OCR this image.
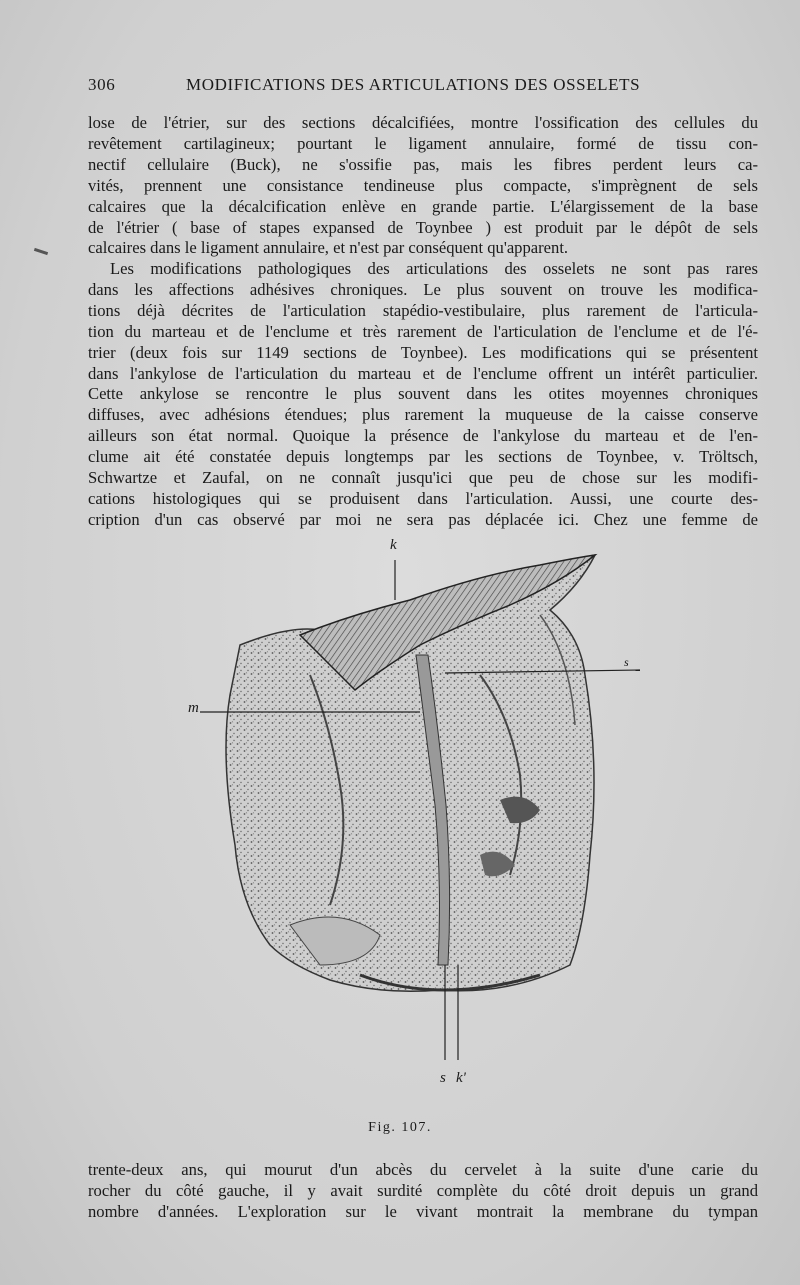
306	MODIFICATIONS DES ARTICULATIONS DES OSSELETS
lose de l'étrier, sur des sections décalcifiées, montre l'ossification des cellules du
revêtement cartilagineux; pourtant le ligament annulaire, formé de tissu con-
nectif cellulaire (Buck), ne s'ossifie pas, mais les fibres perdent leurs ca-
vités, prennent une consistance tendineuse plus compacte, s'imprègnent de sels
calcaires que la décalcification enlève en grande partie. L'élargissement de la base
de l'étrier ( base of stapes expansed de Toynbee ) est produit par le dépôt de sels
calcaires dans le ligament annulaire, et n'est par conséquent qu'apparent.
Les modifications pathologiques des articulations des osselets ne sont pas rares
dans les affections adhésives chroniques. Le plus souvent on trouve les modifica-
tions déjà décrites de l'articulation stapédio-vestibulaire, plus rarement de l'articula-
tion du marteau et de l'enclume et très rarement de l'articulation de l'enclume et de l'é-
trier (deux fois sur 1149 sections de Toynbee). Les modifications qui se présentent
dans l'ankylose de l'articulation du marteau et de l'enclume offrent un intérêt particulier.
Cette ankylose se rencontre le plus souvent dans les otites moyennes chroniques
diffuses, avec adhésions étendues; plus rarement la muqueuse de la caisse conserve
ailleurs son état normal. Quoique la présence de l'ankylose du marteau et de l'en-
clume ait été constatée depuis longtemps par les sections de Toynbee, v. Tröltsch,
Schwartze et Zaufal, on ne connaît jusqu'ici que peu de chose sur les modifi-
cations histologiques qui se produisent dans l'articulation. Aussi, une courte des-
cription d'un cas observé par moi ne sera pas déplacée ici. Chez une femme de
k
m
s
s k'
Fig. 107.
trente-deux ans, qui mourut d'un abcès du cervelet à la suite d'une carie du
rocher du côté gauche, il y avait surdité complète du côté droit depuis un grand
nombre d'années. L'exploration sur le vivant montrait la membrane du tympan
